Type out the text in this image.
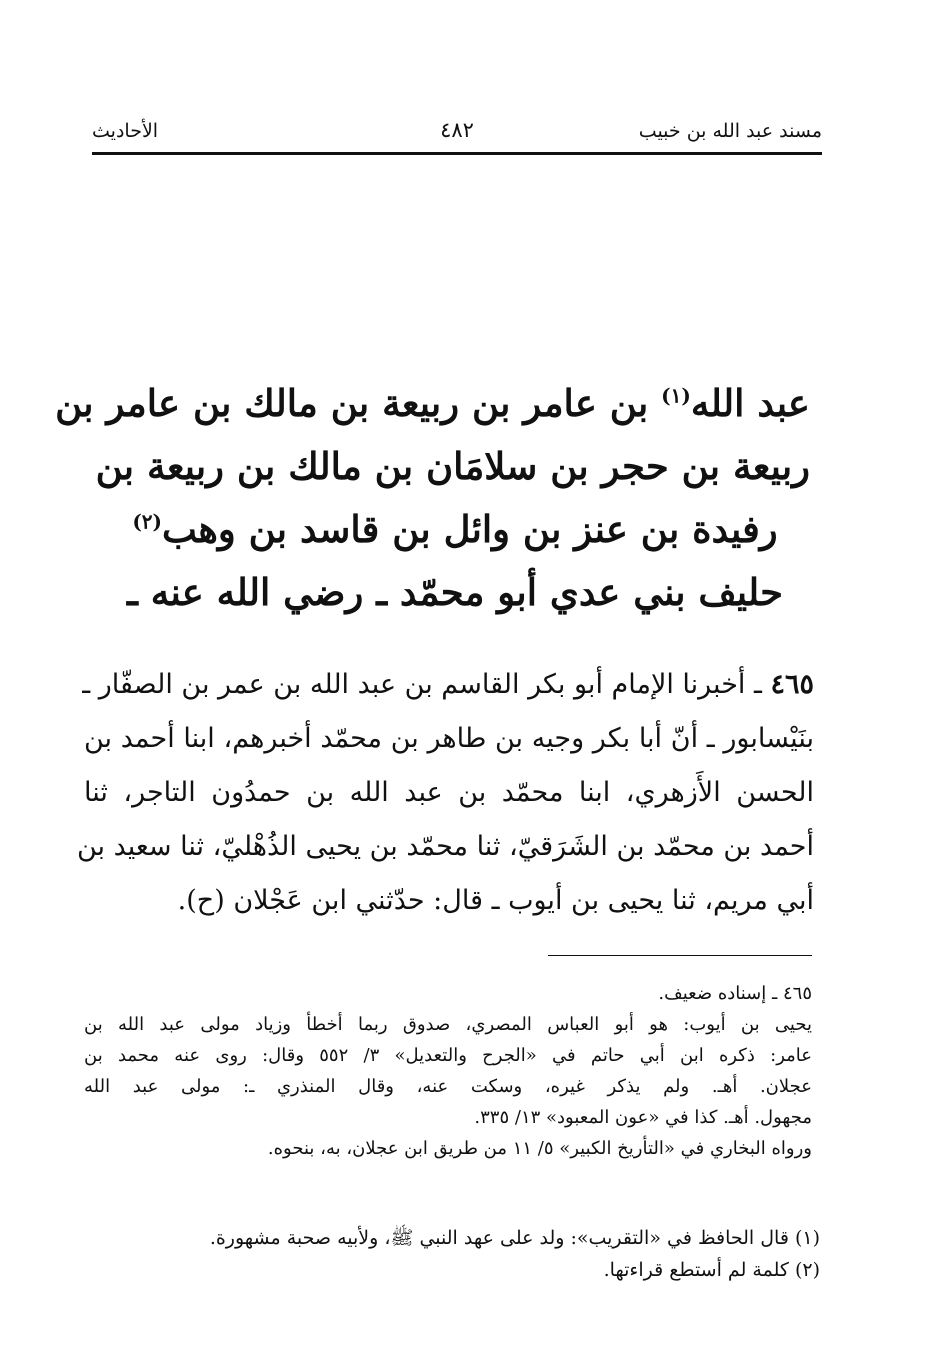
مسند عبد الله بن خبيب
٤٨٢
الأحاديث
عبد الله$^{(١)}$ بن عامر بن ربيعة بن مالك بن عامر بن
ربيعة بن حجر بن سلامَان بن مالك بن ربيعة بن
رفيدة بن عنز بن وائل بن قاسد بن وهب$^{(٢)}$
حليف بني عدي أبو محمّد ـ رضي الله عنه ـ
٤٦٥ ـ أخبرنا الإمام أبو بكر القاسم بن عبد الله بن عمر بن الصفّار ـ
بنَيْسابور ـ أنّ أبا بكر وجيه بن طاهر بن محمّد أخبرهم، ابنا أحمد بن
الحسن الأَزهري، ابنا محمّد بن عبد الله بن حمدُون التاجر، ثنا
أحمد بن محمّد بن الشَرَقيّ، ثنا محمّد بن يحيى الذُهْليّ، ثنا سعيد بن
أبي مريم، ثنا يحيى بن أيوب ـ قال: حدّثني ابن عَجْلان (ح).
٤٦٥ ـ إسناده ضعيف.
يحيى بن أيوب: هو أبو العباس المصري، صدوق ربما أخطأ وزياد مولى عبد الله بن
عامر: ذكره ابن أبي حاتم في «الجرح والتعديل» ٣/ ٥٥٢ وقال: روى عنه محمد بن
عجلان. أهـ. ولم يذكر غيره، وسكت عنه، وقال المنذري ـ: مولى عبد الله
مجهول. أهـ. كذا في «عون المعبود» ١٣/ ٣٣٥.
ورواه البخاري في «التأريخ الكبير» ٥/ ١١ من طريق ابن عجلان، به، بنحوه.
(١) قال الحافظ في «التقريب»: ولد على عهد النبي ﷺ، ولأبيه صحبة مشهورة.
(٢) كلمة لم أستطع قراءتها.
